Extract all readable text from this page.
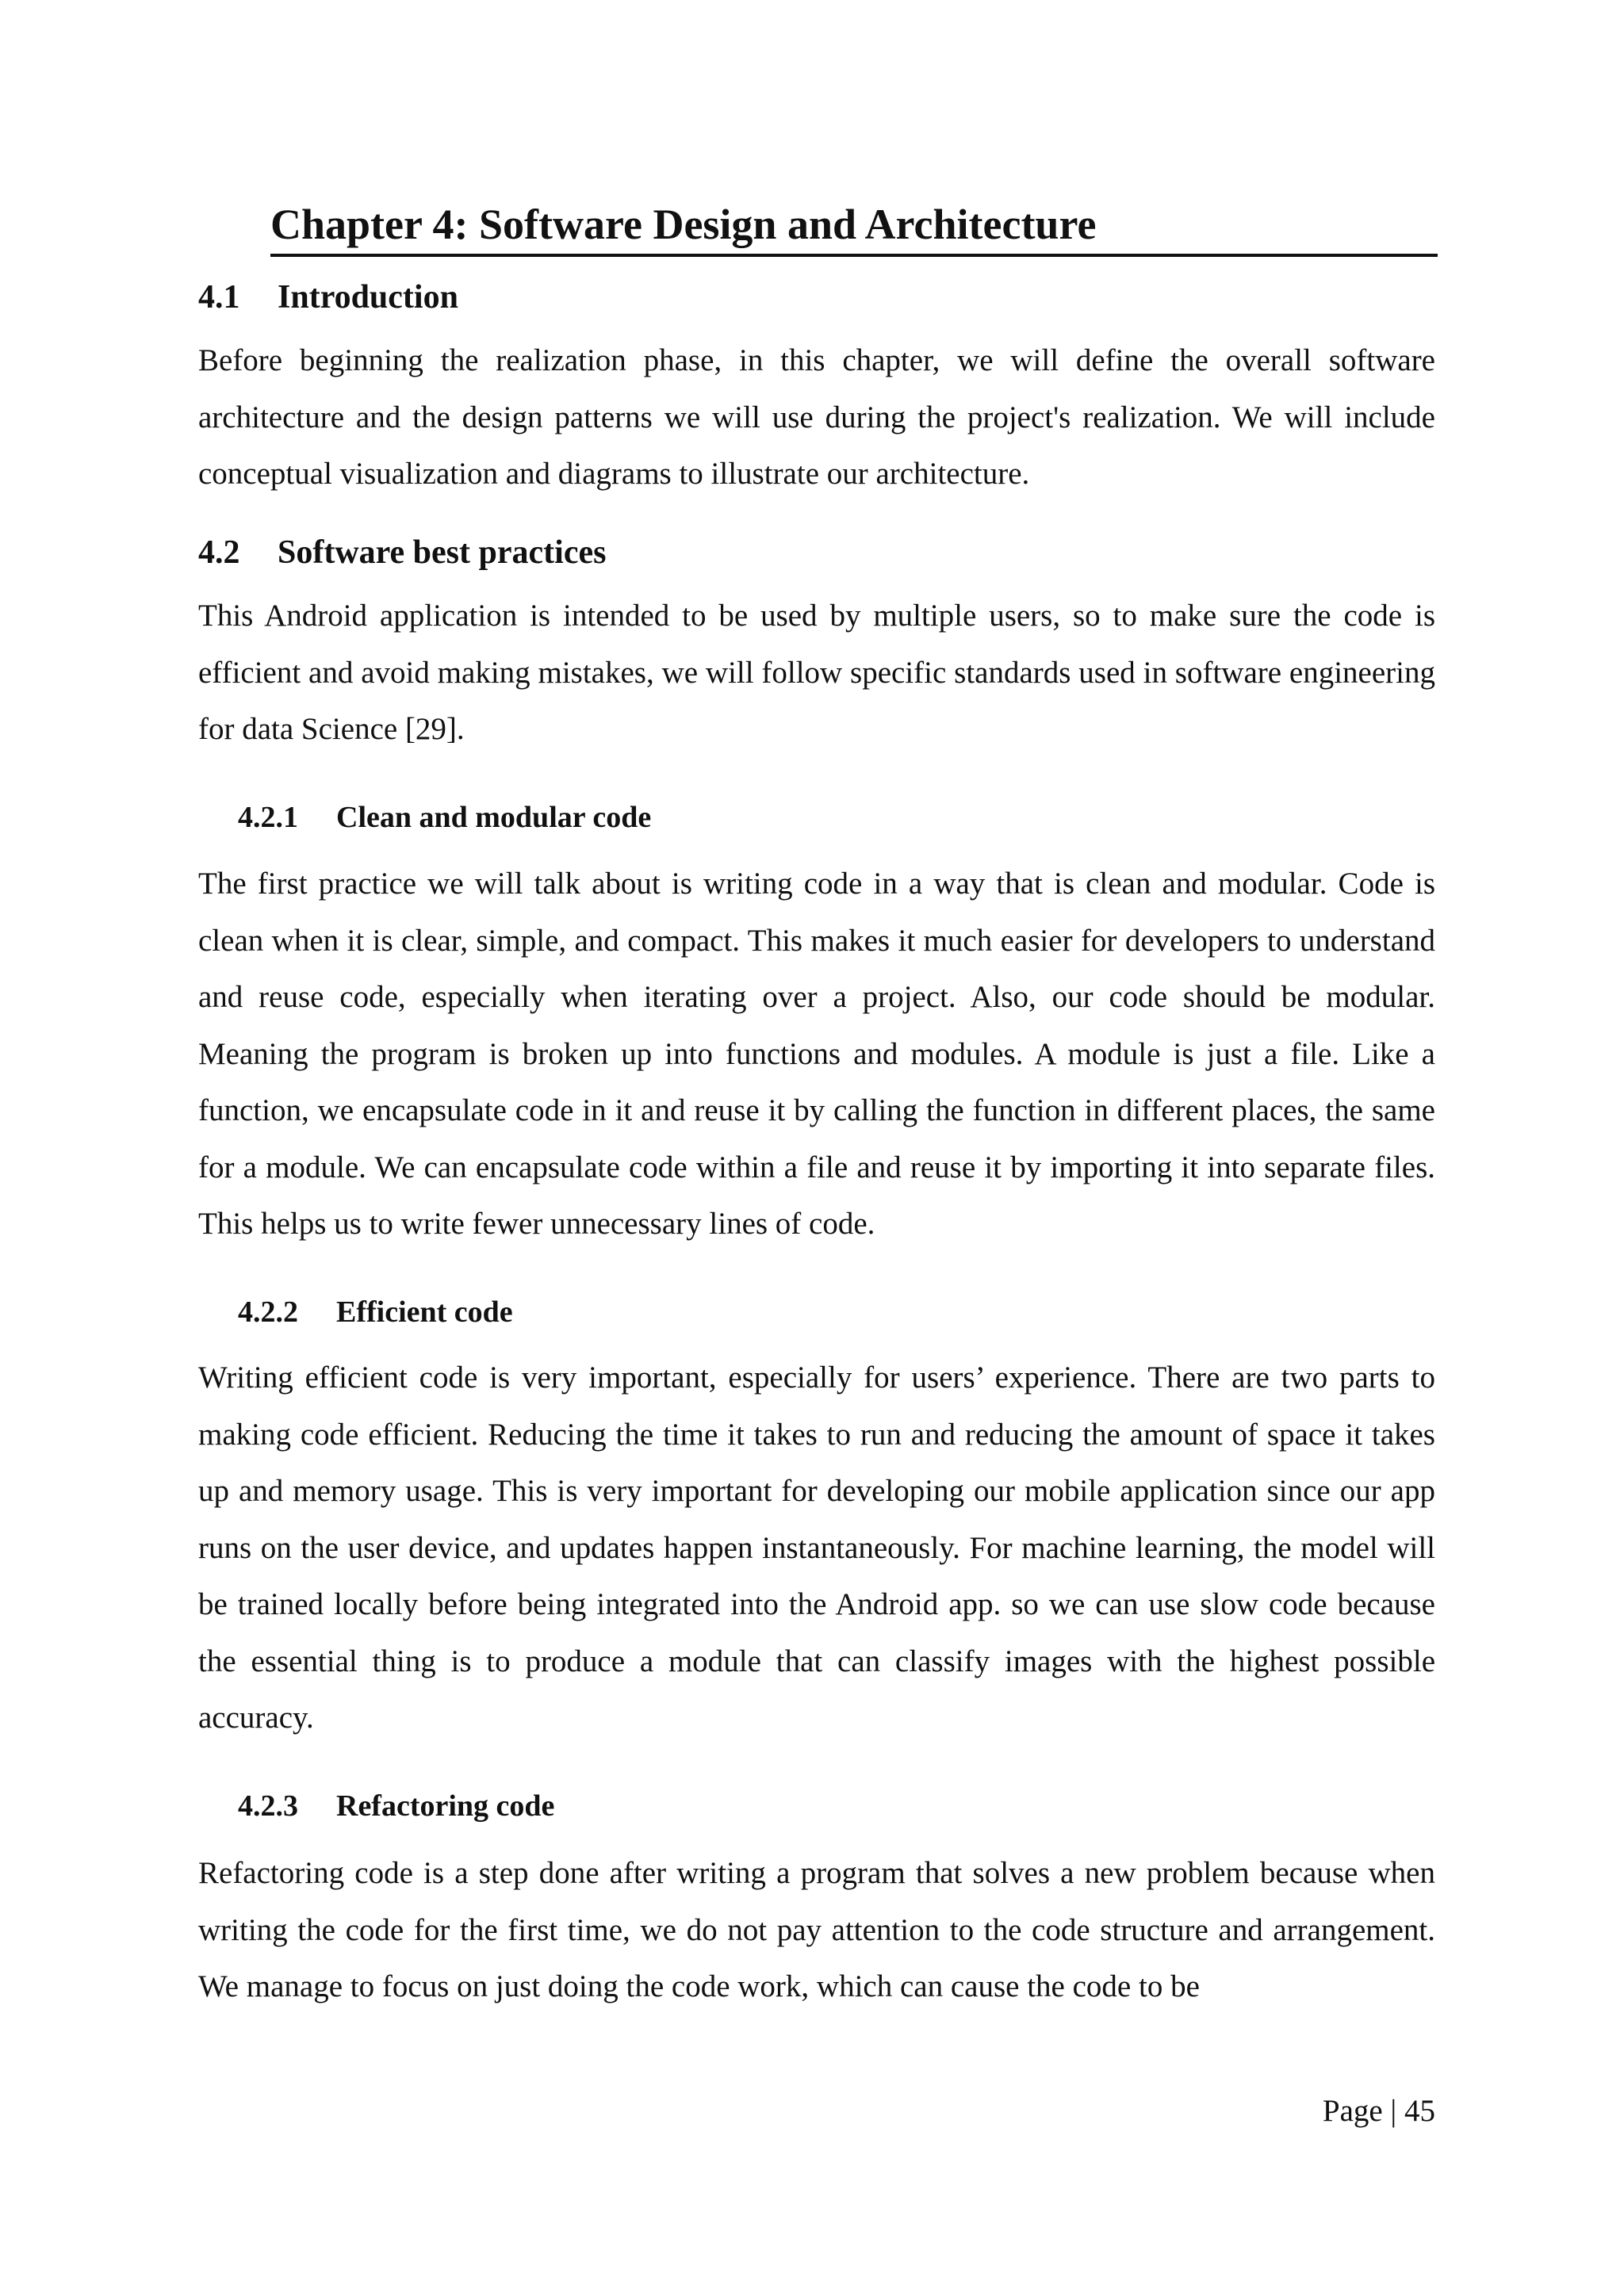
Chapter 4: Software Design and Architecture
4.1 Introduction

Before beginning the realization phase, in this chapter, we will define the overall software architecture and the design patterns we will use during the project's realization. We will include conceptual visualization and diagrams to illustrate our architecture.

4.2 Software best practices

This Android application is intended to be used by multiple users, so to make sure the code is efficient and avoid making mistakes, we will follow specific standards used in software engineering for data Science [29].

4.2.1 Clean and modular code

The first practice we will talk about is writing code in a way that is clean and modular. Code is clean when it is clear, simple, and compact. This makes it much easier for developers to understand and reuse code, especially when iterating over a project. Also, our code should be modular. Meaning the program is broken up into functions and modules. A module is just a file. Like a function, we encapsulate code in it and reuse it by calling the function in different places, the same for a module. We can encapsulate code within a file and reuse it by importing it into separate files. This helps us to write fewer unnecessary lines of code.

4.2.2 Efficient code

Writing efficient code is very important, especially for users’ experience. There are two parts to making code efficient. Reducing the time it takes to run and reducing the amount of space it takes up and memory usage. This is very important for developing our mobile application since our app runs on the user device, and updates happen instantaneously. For machine learning, the model will be trained locally before being integrated into the Android app. so we can use slow code because the essential thing is to produce a module that can classify images with the highest possible accuracy.

4.2.3 Refactoring code

Refactoring code is a step done after writing a program that solves a new problem because when writing the code for the first time, we do not pay attention to the code structure and arrangement. We manage to focus on just doing the code work, which can cause the code to be

Page | 45
